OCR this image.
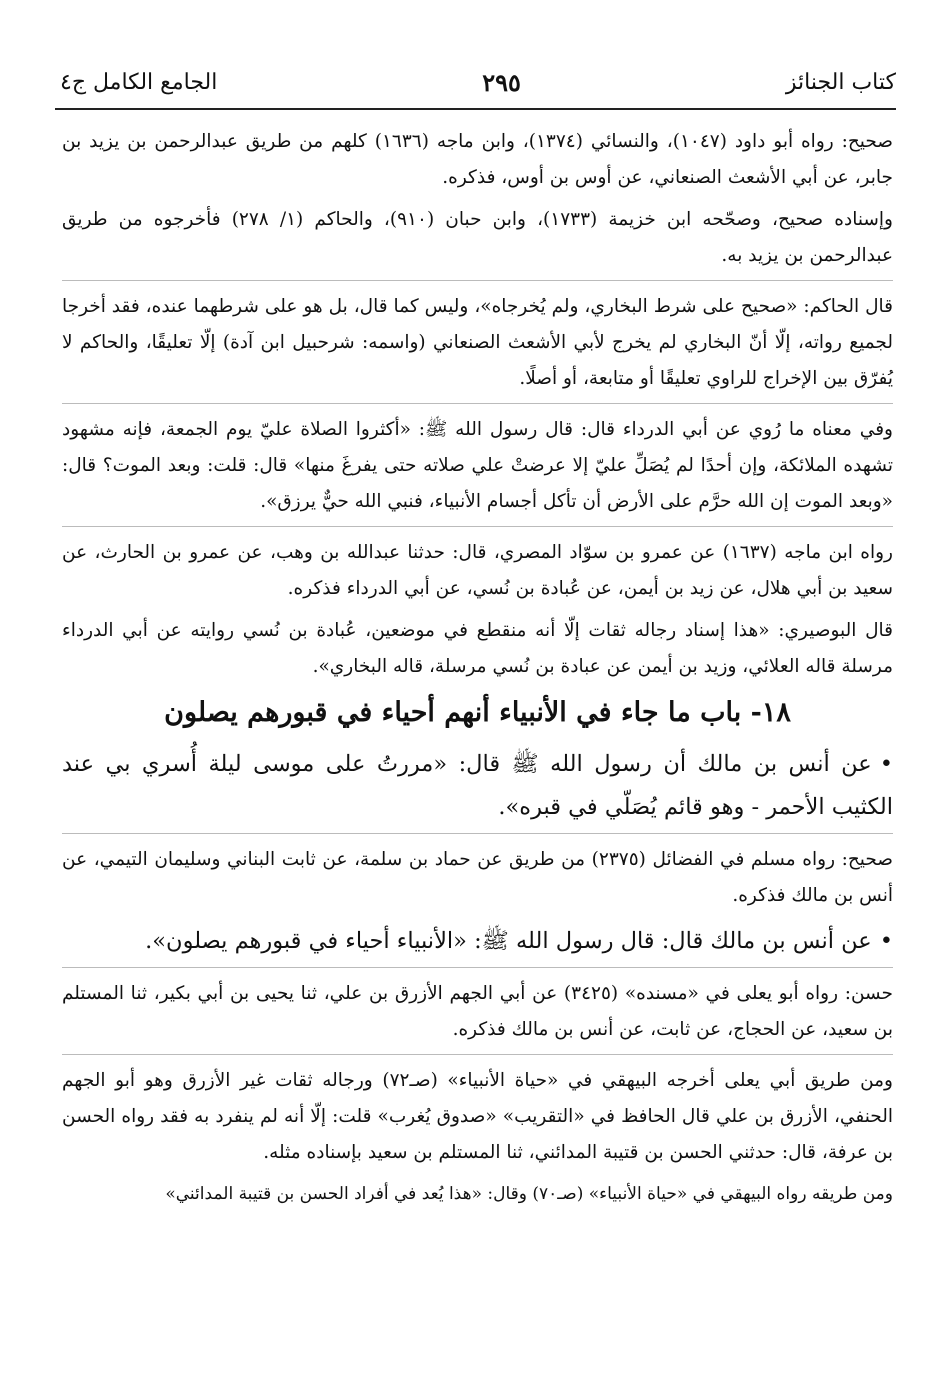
كتاب الجنائز
٢٩٥
الجامع الكامل ج٤

صحيح: رواه أبو داود (١٠٤٧)، والنسائي (١٣٧٤)، وابن ماجه (١٦٣٦) كلهم من طريق عبدالرحمن بن يزيد بن جابر، عن أبي الأشعث الصنعاني، عن أوس بن أوس، فذكره.

وإسناده صحيح، وصحّحه ابن خزيمة (١٧٣٣)، وابن حبان (٩١٠)، والحاكم (١/ ٢٧٨) فأخرجوه من طريق عبدالرحمن بن يزيد به.

قال الحاكم: «صحيح على شرط البخاري، ولم يُخرجاه»، وليس كما قال، بل هو على شرطهما عنده، فقد أخرجا لجميع رواته، إلّا أنّ البخاري لم يخرج لأبي الأشعث الصنعاني (واسمه: شرحبيل ابن آدة) إلّا تعليقًا، والحاكم لا يُفرّق بين الإخراج للراوي تعليقًا أو متابعة، أو أصلًا.

وفي معناه ما رُوي عن أبي الدرداء قال: قال رسول الله ﷺ: «أكثروا الصلاة عليّ يوم الجمعة، فإنه مشهود تشهده الملائكة، وإن أحدًا لم يُصَلِّ عليّ إلا عرضتْ علي صلاته حتى يفرغَ منها» قال: قلت: وبعد الموت؟ قال: «وبعد الموت إن الله حرَّم على الأرض أن تأكل أجسام الأنبياء، فنبي الله حيٌّ يرزق».

رواه ابن ماجه (١٦٣٧) عن عمرو بن سوّاد المصري، قال: حدثنا عبدالله بن وهب، عن عمرو بن الحارث، عن سعيد بن أبي هلال، عن زيد بن أيمن، عن عُبادة بن نُسي، عن أبي الدرداء فذكره.

قال البوصيري: «هذا إسناد رجاله ثقات إلّا أنه منقطع في موضعين، عُبادة بن نُسي روايته عن أبي الدرداء مرسلة قاله العلائي، وزيد بن أيمن عن عبادة بن نُسي مرسلة، قاله البخاري».

١٨- باب ما جاء في الأنبياء أنهم أحياء في قبورهم يصلون

•عن أنس بن مالك أن رسول الله ﷺ قال: «مررتُ على موسى ليلة أُسري بي عند الكثيب الأحمر - وهو قائم يُصَلّي في قبره».

صحيح: رواه مسلم في الفضائل (٢٣٧٥) من طريق عن حماد بن سلمة، عن ثابت البناني وسليمان التيمي، عن أنس بن مالك فذكره.

•عن أنس بن مالك قال: قال رسول الله ﷺ: «الأنبياء أحياء في قبورهم يصلون».

حسن: رواه أبو يعلى في «مسنده» (٣٤٢٥) عن أبي الجهم الأزرق بن علي، ثنا يحيى بن أبي بكير، ثنا المستلم بن سعيد، عن الحجاج، عن ثابت، عن أنس بن مالك فذكره.

ومن طريق أبي يعلى أخرجه البيهقي في «حياة الأنبياء» (صـ٧٢) ورجاله ثقات غير الأزرق وهو أبو الجهم الحنفي، الأزرق بن علي قال الحافظ في «التقريب» «صدوق يُغرب» قلت: إلّا أنه لم ينفرد به فقد رواه الحسن بن عرفة، قال: حدثني الحسن بن قتيبة المدائني، ثنا المستلم بن سعيد بإسناده مثله.

ومن طريقه رواه البيهقي في «حياة الأنبياء» (صـ٧٠) وقال: «هذا يُعد في أفراد الحسن بن قتيبة المدائني»
